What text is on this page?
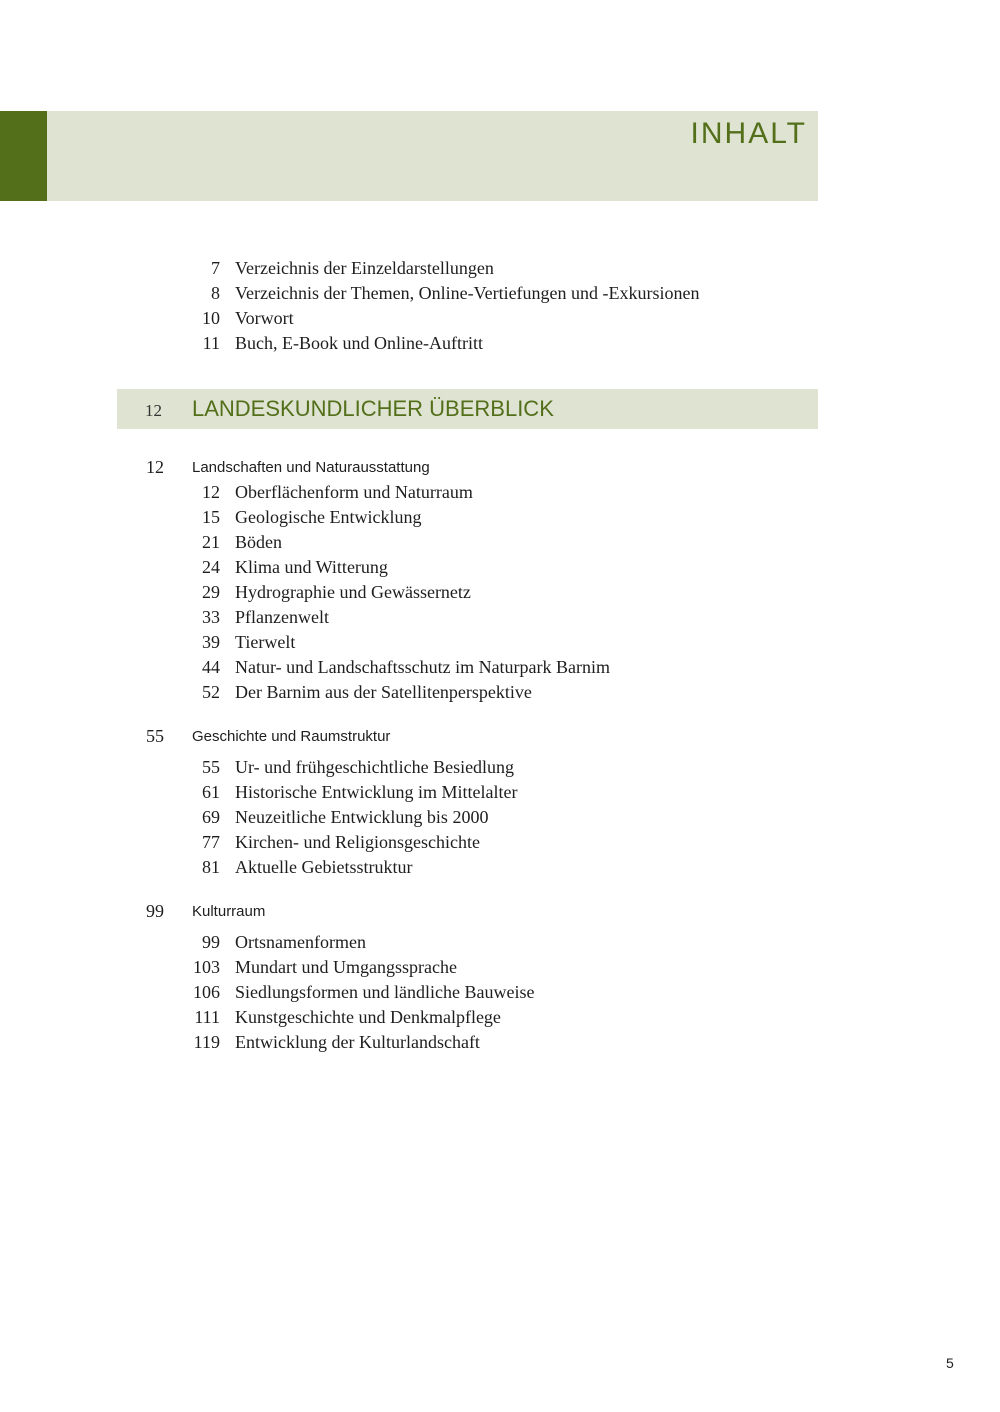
INHALT
7 Verzeichnis der Einzeldarstellungen
8 Verzeichnis der Themen, Online-Vertiefungen und -Exkursionen
10 Vorwort
11 Buch, E-Book und Online-Auftritt
12 LANDESKUNDLICHER ÜBERBLICK
12 Landschaften und Naturausstattung
12 Oberflächenform und Naturraum
15 Geologische Entwicklung
21 Böden
24 Klima und Witterung
29 Hydrographie und Gewässernetz
33 Pflanzenwelt
39 Tierwelt
44 Natur- und Landschaftsschutz im Naturpark Barnim
52 Der Barnim aus der Satellitenperspektive
55 Geschichte und Raumstruktur
55 Ur- und frühgeschichtliche Besiedlung
61 Historische Entwicklung im Mittelalter
69 Neuzeitliche Entwicklung bis 2000
77 Kirchen- und Religionsgeschichte
81 Aktuelle Gebietsstruktur
99 Kulturraum
99 Ortsnamenformen
103 Mundart und Umgangssprache
106 Siedlungsformen und ländliche Bauweise
111 Kunstgeschichte und Denkmalpflege
119 Entwicklung der Kulturlandschaft
5
